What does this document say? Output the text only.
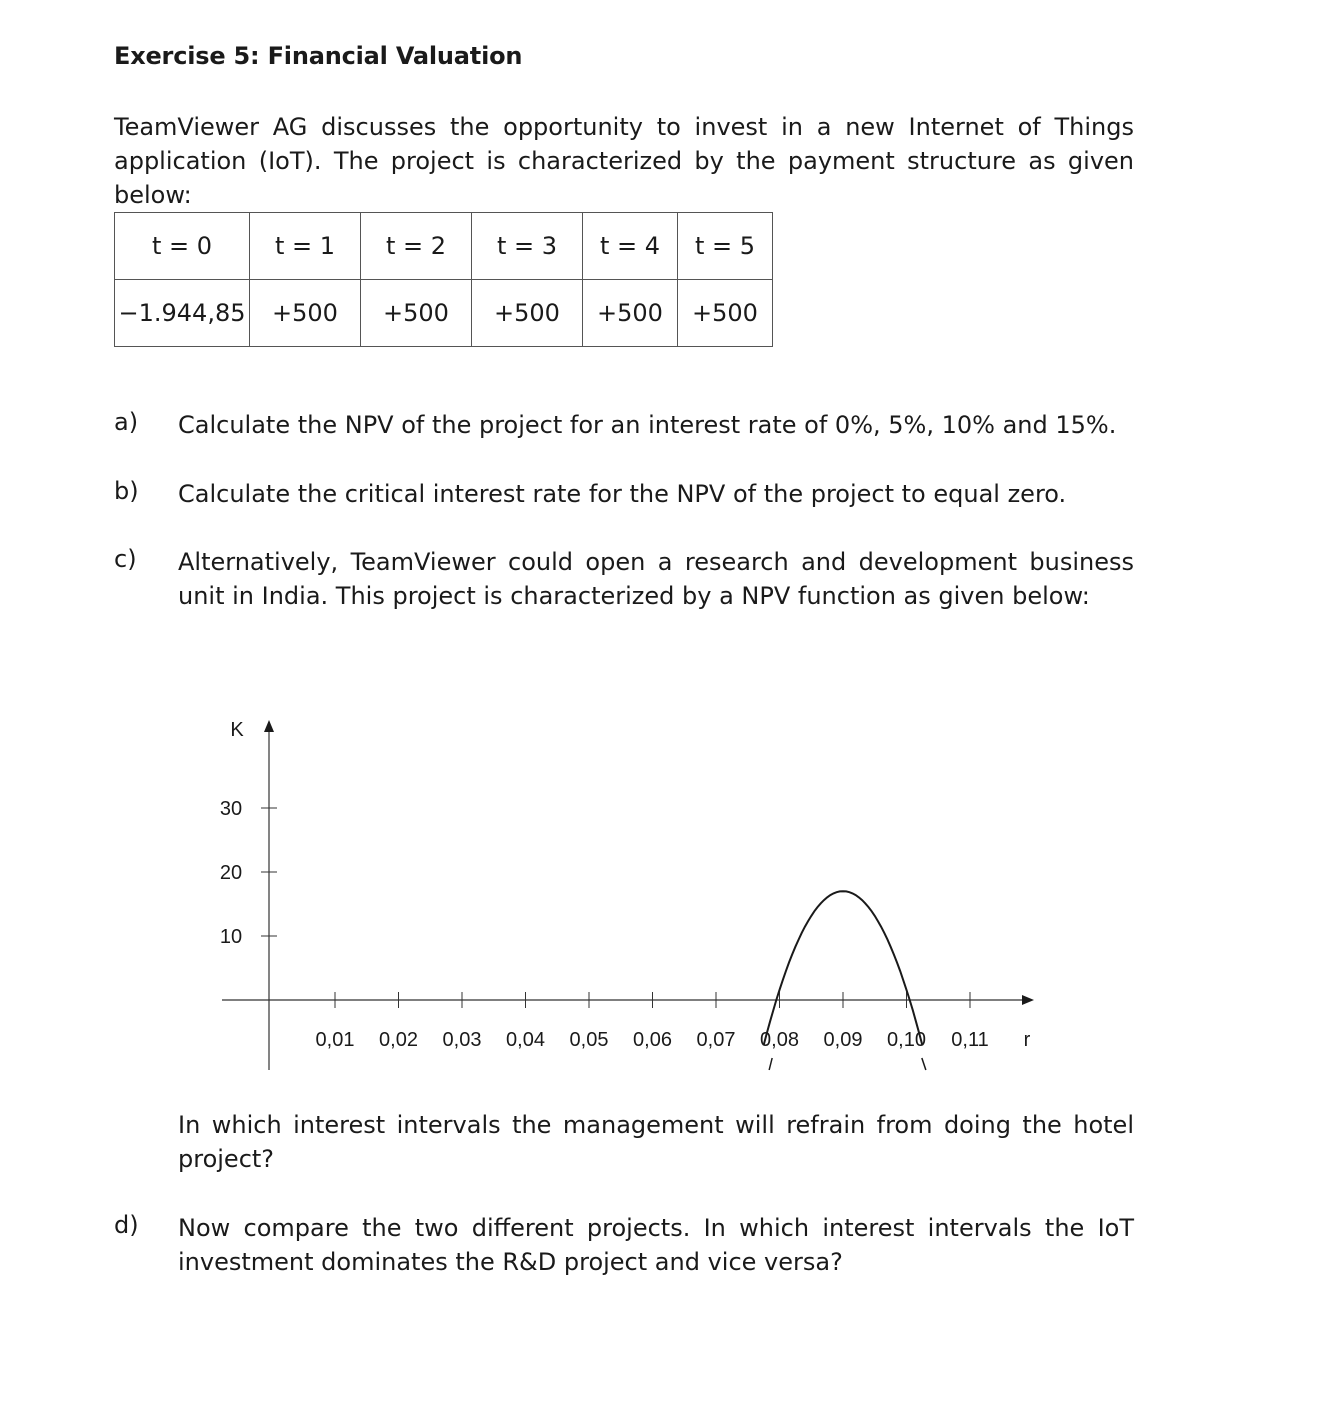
Exercise 5: Financial Valuation
TeamViewer AG discusses the opportunity to invest in a new Internet of Things application (IoT). The project is characterized by the payment structure as given below:
t = 0	t = 1	t = 2	t = 3	t = 4	t = 5
−1.944,85	+500	+500	+500	+500	+500
a) Calculate the NPV of the project for an interest rate of 0%, 5%, 10% and 15%.
b) Calculate the critical interest rate for the NPV of the project to equal zero.
c) Alternatively, TeamViewer could open a research and development business unit in India. This project is characterized by a NPV function as given below:
K
r
10
20
30
0,01 0,02 0,03 0,04 0,05 0,06 0,07 0,08 0,09 0,10 0,11
In which interest intervals the management will refrain from doing the hotel project?
d) Now compare the two different projects. In which interest intervals the IoT investment dominates the R&D project and vice versa?
